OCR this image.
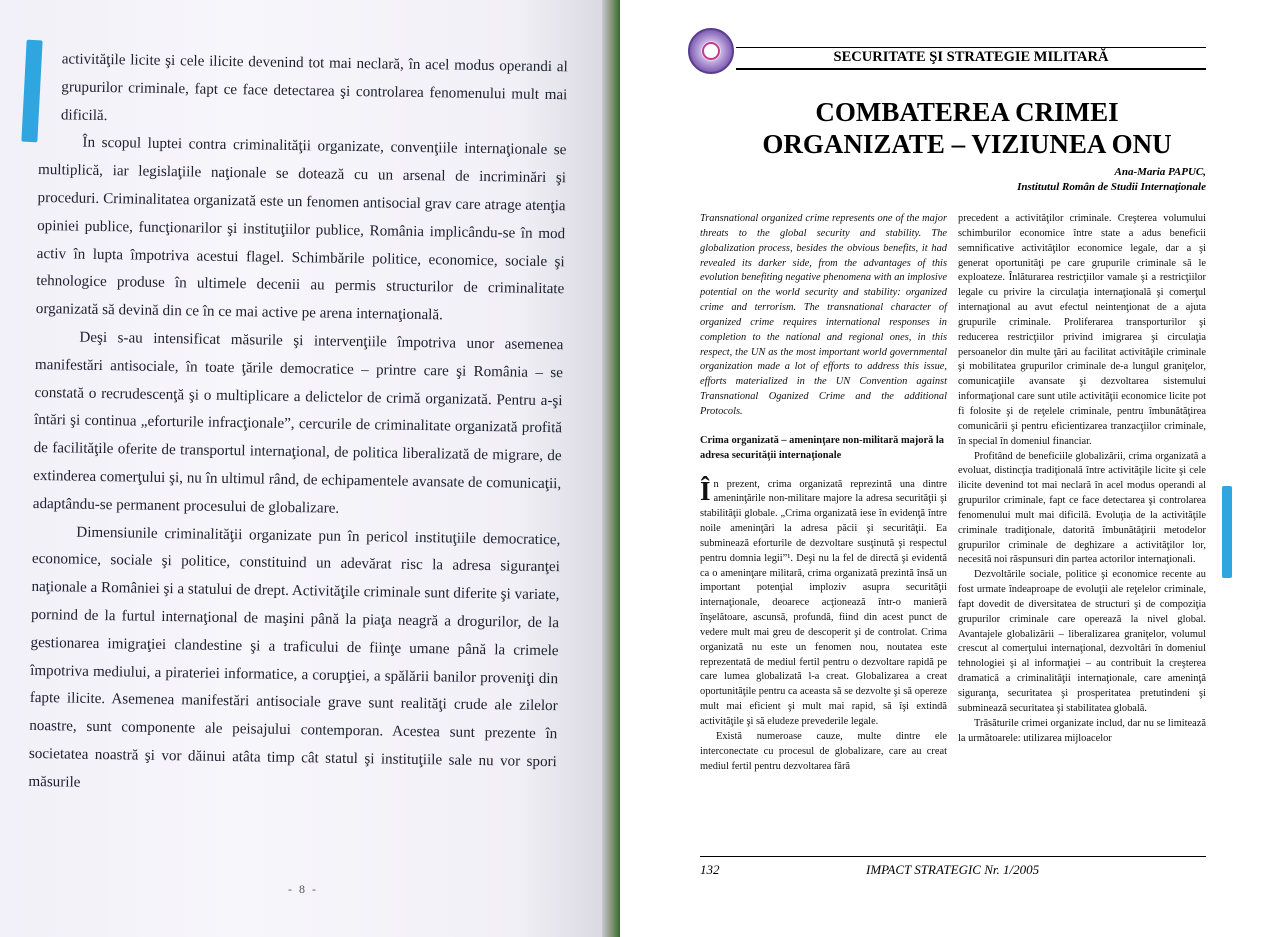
activităţile licite şi cele ilicite devenind tot mai neclară, în acel modus operandi al grupurilor criminale, fapt ce face detectarea şi controlarea fenomenului mult mai dificilă.

În scopul luptei contra criminalităţii organizate, convenţiile internaţionale se multiplică, iar legislaţiile naţionale se dotează cu un arsenal de incriminări şi proceduri. Criminalitatea organizată este un fenomen antisocial grav care atrage atenţia opiniei publice, funcţionarilor şi instituţiilor publice, România implicându-se în mod activ în lupta împotriva acestui flagel. Schimbările politice, economice, sociale şi tehnologice produse în ultimele decenii au permis structurilor de criminalitate organizată să devină din ce în ce mai active pe arena internaţională.

Deşi s-au intensificat măsurile şi intervenţiile împotriva unor asemenea manifestări antisociale, în toate ţările democratice – printre care şi România – se constată o recrudescenţă şi o multiplicare a delictelor de crimă organizată. Pentru a-şi întări şi continua „eforturile infracţionale”, cercurile de criminalitate organizată profită de facilităţile oferite de transportul internaţional, de politica liberalizată de migrare, de extinderea comerţului şi, nu în ultimul rând, de echipamentele avansate de comunicaţii, adaptându-se permanent procesului de globalizare.

Dimensiunile criminalităţii organizate pun în pericol instituţiile democratice, economice, sociale şi politice, constituind un adevărat risc la adresa siguranţei naţionale a României şi a statului de drept. Activităţile criminale sunt diferite şi variate, pornind de la furtul internaţional de maşini până la piaţa neagră a drogurilor, de la gestionarea imigraţiei clandestine şi a traficului de fiinţe umane până la crimele împotriva mediului, a pirateriei informatice, a corupţiei, a spălării banilor proveniţi din fapte ilicite. Asemenea manifestări antisociale grave sunt realităţi crude ale zilelor noastre, sunt componente ale peisajului contemporan. Acestea sunt prezente în societatea noastră şi vor dăinui atâta timp cât statul şi instituţiile sale nu vor spori măsurile

- 8 -
SECURITATE ŞI STRATEGIE MILITARĂ
COMBATEREA CRIMEI
ORGANIZATE – VIZIUNEA ONU
Ana-Maria PAPUC,
Institutul Român de Studii Internaţionale

Transnational organized crime represents one of the major threats to the global security and stability. The globalization process, besides the obvious benefits, it had revealed its darker side, from the advantages of this evolution benefiting negative phenomena with an implosive potential on the world security and stability: organized crime and terrorism. The transnational character of organized crime requires international responses in completion to the national and regional ones, in this respect, the UN as the most important world governmental organization made a lot of efforts to address this issue, efforts materialized in the UN Convention against Transnational Oganized Crime and the additional Protocols.

Crima organizată – ameninţare non-militară majoră la adresa securităţii internaţionale

În prezent, crima organizată reprezintă una dintre ameninţările non-militare majore la adresa securităţii şi stabilităţii globale. „Crima organizată iese în evidenţă între noile ameninţări la adresa păcii şi securităţii. Ea subminează eforturile de dezvoltare susţinută şi respectul pentru domnia legii”¹. Deşi nu la fel de directă şi evidentă ca o ameninţare militară, crima organizată prezintă însă un important potenţial imploziv asupra securităţii internaţionale, deoarece acţionează într-o manieră înşelătoare, ascunsă, profundă, fiind din acest punct de vedere mult mai greu de descoperit şi de controlat. Crima organizată nu este un fenomen nou, noutatea este reprezentată de mediul fertil pentru o dezvoltare rapidă pe care lumea globalizată l-a creat. Globalizarea a creat oportunităţile pentru ca aceasta să se dezvolte şi să opereze mult mai eficient şi mult mai rapid, să îşi extindă activităţile şi să eludeze prevederile legale.

Există numeroase cauze, multe dintre ele interconectate cu procesul de globalizare, care au creat mediul fertil pentru dezvoltarea fără

precedent a activităţilor criminale. Creşterea volumului schimburilor economice între state a adus beneficii semnificative activităţilor economice legale, dar a şi generat oportunităţi pe care grupurile criminale să le exploateze. Înlăturarea restricţiilor vamale şi a restricţiilor legale cu privire la circulaţia internaţională şi comerţul internaţional au avut efectul neintenţionat de a ajuta grupurile criminale. Proliferarea transporturilor şi reducerea restricţiilor privind imigrarea şi circulaţia persoanelor din multe ţări au facilitat activităţile criminale şi mobilitatea grupurilor criminale de-a lungul graniţelor, comunicaţiile avansate şi dezvoltarea sistemului informaţional care sunt utile activităţii economice licite pot fi folosite şi de reţelele criminale, pentru îmbunătăţirea comunicării şi pentru eficientizarea tranzacţiilor criminale, în special în domeniul financiar.

Profitând de beneficiile globalizării, crima organizată a evoluat, distincţia tradiţională între activităţile licite şi cele ilicite devenind tot mai neclară în acel modus operandi al grupurilor criminale, fapt ce face detectarea şi controlarea fenomenului mult mai dificilă. Evoluţia de la activităţile criminale tradiţionale, datorită îmbunătăţirii metodelor grupurilor criminale de deghizare a activităţilor lor, necesită noi răspunsuri din partea actorilor internaţionali.

Dezvoltările sociale, politice şi economice recente au fost urmate îndeaproape de evoluţii ale reţelelor criminale, fapt dovedit de diversitatea de structuri şi de compoziţia grupurilor criminale care operează la nivel global. Avantajele globalizării – liberalizarea graniţelor, volumul crescut al comerţului internaţional, dezvoltări în domeniul tehnologiei şi al informaţiei – au contribuit la creşterea dramatică a criminalităţii internaţionale, care ameninţă siguranţa, securitatea şi prosperitatea pretutindeni şi subminează securitatea şi stabilitatea globală.

Trăsăturile crimei organizate includ, dar nu se limitează la următoarele: utilizarea mijloacelor

132	IMPACT STRATEGIC Nr. 1/2005
